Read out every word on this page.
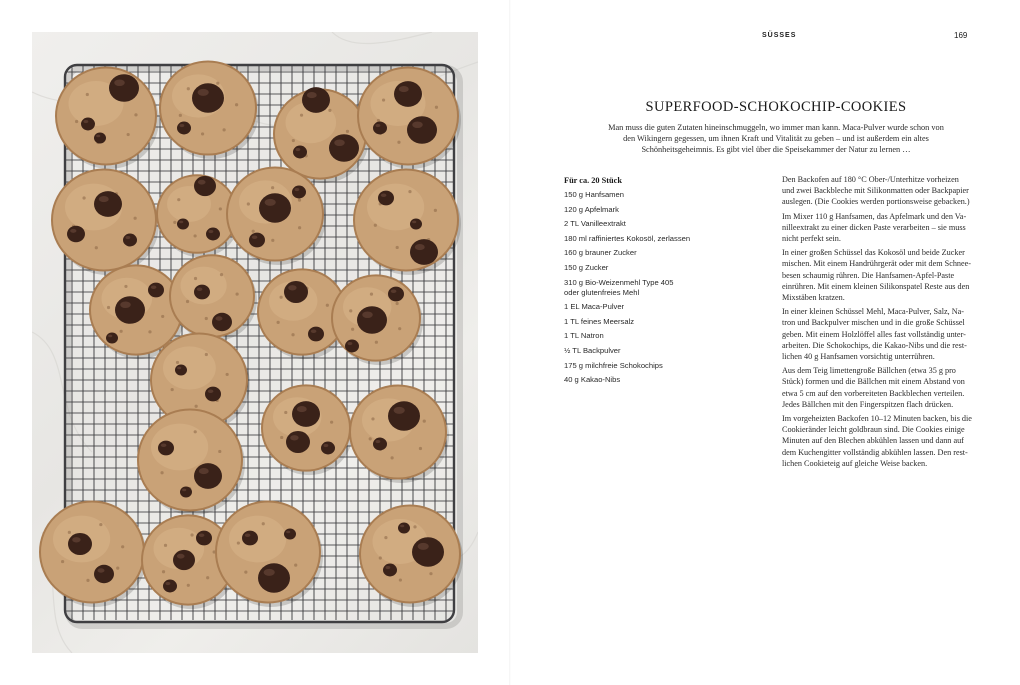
SÜSSES	169
SUPERFOOD-SCHOKOCHIP-COOKIES
Man muss die guten Zutaten hineinschmuggeln, wo immer man kann. Maca-Pulver wurde schon von
den Wikingern gegessen, um ihnen Kraft und Vitalität zu geben – und ist außerdem ein altes
Schönheitsgeheimnis. Es gibt viel über die Speisekammer der Natur zu lernen …
Für ca. 20 Stück
150 g Hanfsamen
120 g Apfelmark
2 TL Vanilleextrakt
180 ml raffiniertes Kokosöl, zerlassen
160 g brauner Zucker
150 g Zucker
310 g Bio-Weizenmehl Type 405
oder glutenfreies Mehl
1 EL Maca-Pulver
1 TL feines Meersalz
1 TL Natron
½ TL Backpulver
175 g milchfreie Schokochips
40 g Kakao-Nibs
Den Backofen auf 180 °C Ober-/Unterhitze vorheizen
und zwei Backbleche mit Silikonmatten oder Backpapier
auslegen. (Die Cookies werden portionsweise gebacken.)
Im Mixer 110 g Hanfsamen, das Apfelmark und den Va-
nilleextrakt zu einer dicken Paste verarbeiten – sie muss
nicht perfekt sein.
In einer großen Schüssel das Kokosöl und beide Zucker
mischen. Mit einem Handrührgerät oder mit dem Schnee-
besen schaumig rühren. Die Hanfsamen-Apfel-Paste
einrühren. Mit einem kleinen Silikonspatel Reste aus den
Mixstäben kratzen.
In einer kleinen Schüssel Mehl, Maca-Pulver, Salz, Na-
tron und Backpulver mischen und in die große Schüssel
geben. Mit einem Holzlöffel alles fast vollständig unter-
arbeiten. Die Schokochips, die Kakao-Nibs und die rest-
lichen 40 g Hanfsamen vorsichtig unterrühren.
Aus dem Teig limettengroße Bällchen (etwa 35 g pro
Stück) formen und die Bällchen mit einem Abstand von
etwa 5 cm auf den vorbereiteten Backblechen verteilen.
Jedes Bällchen mit den Fingerspitzen flach drücken.
Im vorgeheizten Backofen 10–12 Minuten backen, bis die
Cookieränder leicht goldbraun sind. Die Cookies einige
Minuten auf den Blechen abkühlen lassen und dann auf
dem Kuchengitter vollständig abkühlen lassen. Den rest-
lichen Cookieteig auf gleiche Weise backen.
